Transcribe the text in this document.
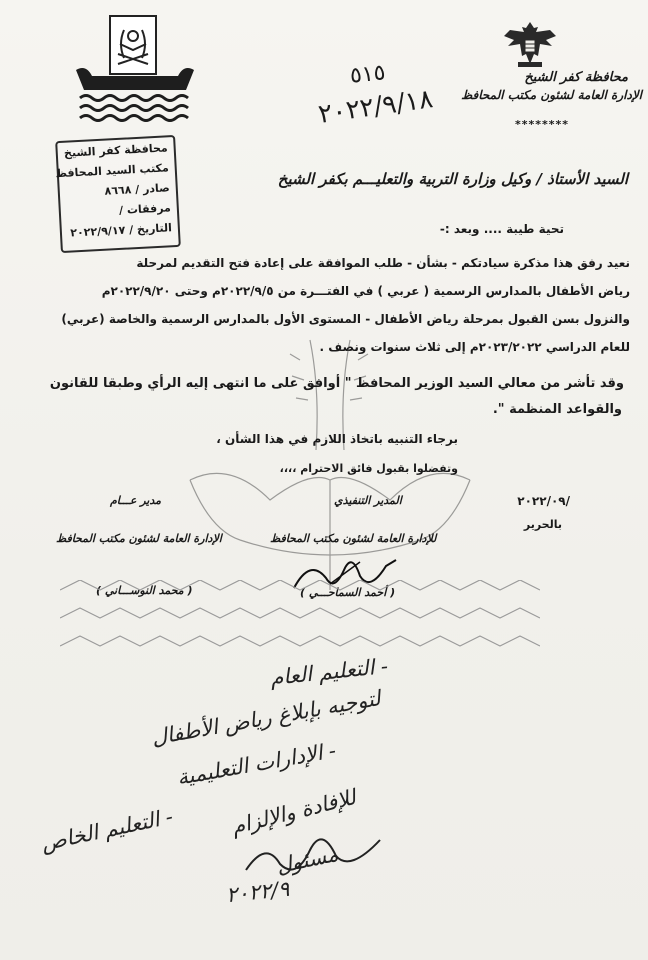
محافظة كفر الشيخ
الإدارة العامة لشئون مكتب المحافظ
********
٥١٥
٢٠٢٢/٩/١٨
محافظة كفر الشيخ
مكتب السيد المحافظ
صادر / ٨٦٦٨
مرفقات /
التاريخ / ٢٠٢٢/٩/١٧
السيد الأستاذ / وكيل وزارة التربية والتعليـــم بكفر الشيخ
تحية طيبة .... وبعد :-
نعيد رفق هذا مذكرة سيادتكم - بشأن - طلب الموافقة على إعادة فتح التقديم لمرحلة
رياض الأطفال بالمدارس الرسمية ( عربي ) في الفتـــرة من ٢٠٢٢/٩/٥م وحتى ٢٠٢٢/٩/٢٠م
والنزول بسن القبول بمرحلة رياض الأطفال - المستوى الأول بالمدارس الرسمية والخاصة (عربي)
للعام الدراسي ٢٠٢٣/٢٠٢٢م إلى ثلاث سنوات ونصف .
وقد تأشر من معالي السيد الوزير المحافظ " أوافق على ما انتهى إليه الرأي وطبقا للقانون
والقواعد المنظمة ".
برجاء التنبيه باتخاذ اللازم في هذا الشأن ،
وتفضلوا بقبول فائق الاحترام ،،،،
٢٠٢٢/٠٩/
بالحرير
المدير التنفيذي
للإدارة العامة لشئون مكتب المحافظ
( أحمد السماحـــي )
مدير عـــام
الإدارة العامة لشئون مكتب المحافظ
( محمد النوســـاني )
- التعليم العام
لتوجيه بإبلاغ رياض الأطفال
- الإدارات التعليمية
للإفادة والإلزام
- التعليم الخاص
مسئول
٢٠٢٢/٩
